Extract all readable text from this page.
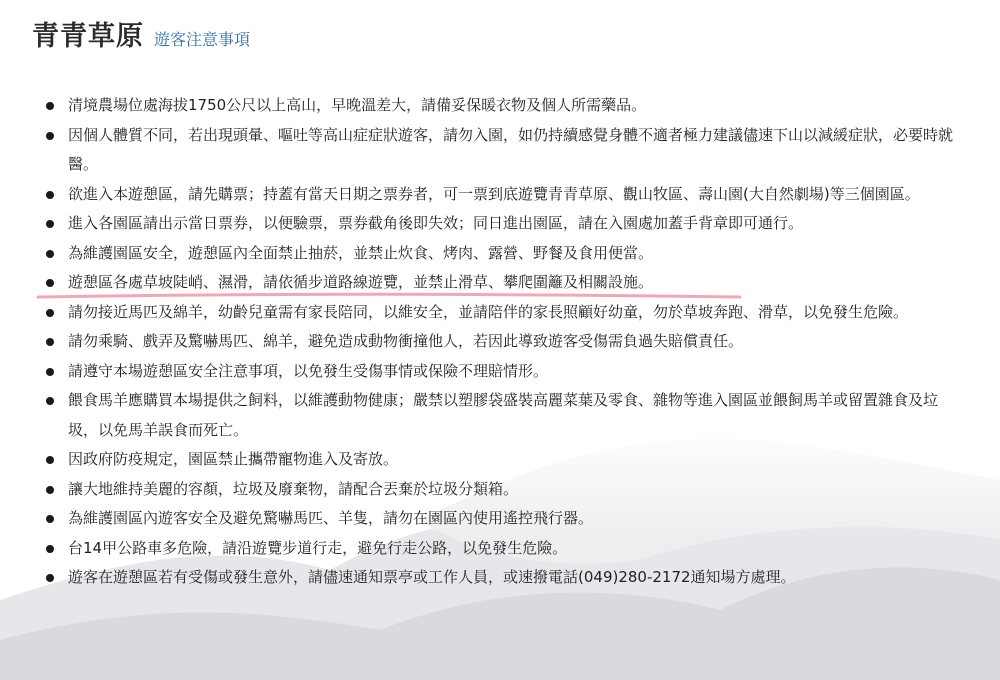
青青草原 遊客注意事項
清境農場位處海拔1750公尺以上高山，早晚溫差大，請備妥保暖衣物及個人所需藥品。
因個人體質不同，若出現頭暈、嘔吐等高山症症狀遊客，請勿入園，如仍持續感覺身體不適者極力建議儘速下山以減緩症狀，必要時就醫。
欲進入本遊憩區，請先購票；持蓋有當天日期之票券者，可一票到底遊覽青青草原、觀山牧區、壽山園(大自然劇場)等三個園區。
進入各園區請出示當日票券，以便驗票，票券截角後即失效；同日進出園區，請在入園處加蓋手背章即可通行。
為維護園區安全，遊憩區內全面禁止抽菸，並禁止炊食、烤肉、露營、野餐及食用便當。
遊憩區各處草坡陡峭、濕滑，請依循步道路線遊覽，並禁止滑草、攀爬圍籬及相關設施。
請勿接近馬匹及綿羊，幼齡兒童需有家長陪同，以維安全，並請陪伴的家長照顧好幼童，勿於草坡奔跑、滑草，以免發生危險。
請勿乘騎、戲弄及驚嚇馬匹、綿羊，避免造成動物衝撞他人，若因此導致遊客受傷需負過失賠償責任。
請遵守本場遊憩區安全注意事項，以免發生受傷事情或保險不理賠情形。
餵食馬羊應購買本場提供之飼料，以維護動物健康；嚴禁以塑膠袋盛裝高麗菜葉及零食、雜物等進入園區並餵飼馬羊或留置雜食及垃圾，以免馬羊誤食而死亡。
因政府防疫規定，園區禁止攜帶寵物進入及寄放。
讓大地維持美麗的容顏，垃圾及廢棄物，請配合丟棄於垃圾分類箱。
為維護園區內遊客安全及避免驚嚇馬匹、羊隻，請勿在園區內使用遙控飛行器。
台14甲公路車多危險，請沿遊覽步道行走，避免行走公路，以免發生危險。
遊客在遊憩區若有受傷或發生意外，請儘速通知票亭或工作人員，或速撥電話(049)280-2172通知場方處理。
